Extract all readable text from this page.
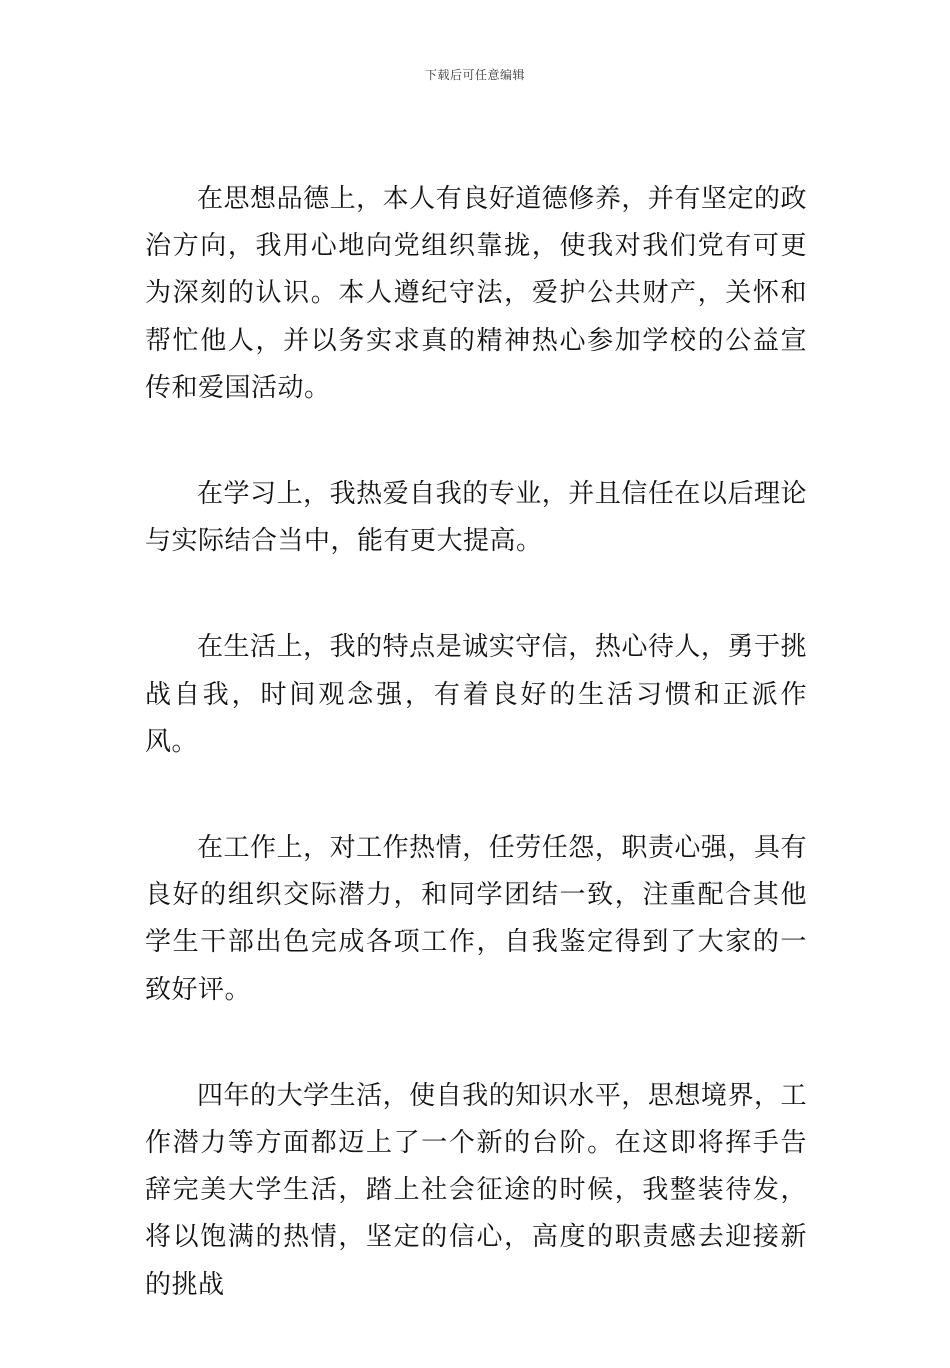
下载后可任意编辑

在思想品德上，本人有良好道德修养，并有坚定的政治方向，我用心地向党组织靠拢，使我对我们党有可更为深刻的认识。本人遵纪守法，爱护公共财产，关怀和帮忙他人，并以务实求真的精神热心参加学校的公益宣传和爱国活动。

在学习上，我热爱自我的专业，并且信任在以后理论与实际结合当中，能有更大提高。

在生活上，我的特点是诚实守信，热心待人，勇于挑战自我，时间观念强，有着良好的生活习惯和正派作风。

在工作上，对工作热情，任劳任怨，职责心强，具有良好的组织交际潜力，和同学团结一致，注重配合其他学生干部出色完成各项工作，自我鉴定得到了大家的一致好评。

四年的大学生活，使自我的知识水平，思想境界，工作潜力等方面都迈上了一个新的台阶。在这即将挥手告辞完美大学生活，踏上社会征途的时候，我整装待发，将以饱满的热情，坚定的信心，高度的职责感去迎接新的挑战
